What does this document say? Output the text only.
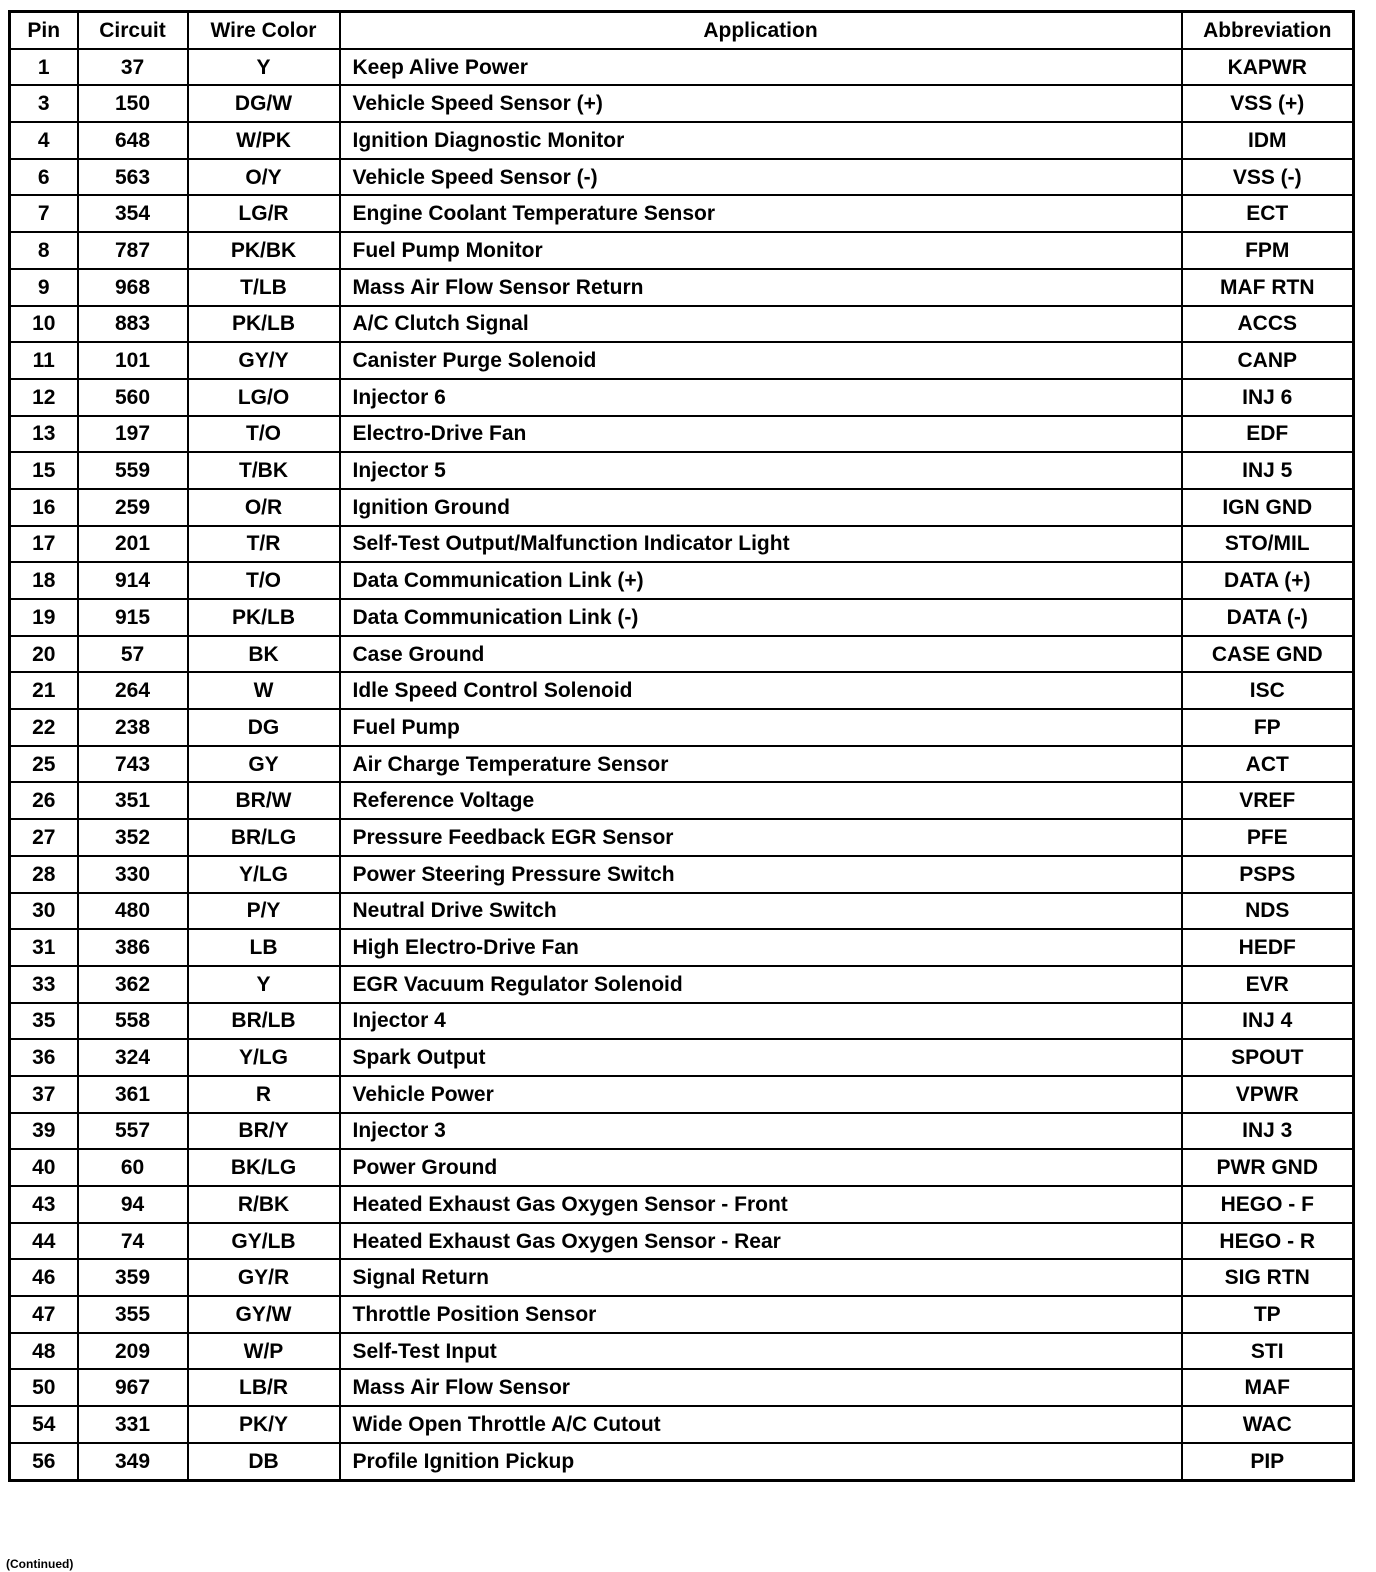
Pin	Circuit	Wire Color	Application	Abbreviation
1	37	Y	Keep Alive Power	KAPWR
3	150	DG/W	Vehicle Speed Sensor (+)	VSS (+)
4	648	W/PK	Ignition Diagnostic Monitor	IDM
6	563	O/Y	Vehicle Speed Sensor (-)	VSS (-)
7	354	LG/R	Engine Coolant Temperature Sensor	ECT
8	787	PK/BK	Fuel Pump Monitor	FPM
9	968	T/LB	Mass Air Flow Sensor Return	MAF RTN
10	883	PK/LB	A/C Clutch Signal	ACCS
11	101	GY/Y	Canister Purge Solenoid	CANP
12	560	LG/O	Injector 6	INJ 6
13	197	T/O	Electro-Drive Fan	EDF
15	559	T/BK	Injector 5	INJ 5
16	259	O/R	Ignition Ground	IGN GND
17	201	T/R	Self-Test Output/Malfunction Indicator Light	STO/MIL
18	914	T/O	Data Communication Link (+)	DATA (+)
19	915	PK/LB	Data Communication Link (-)	DATA (-)
20	57	BK	Case Ground	CASE GND
21	264	W	Idle Speed Control Solenoid	ISC
22	238	DG	Fuel Pump	FP
25	743	GY	Air Charge Temperature Sensor	ACT
26	351	BR/W	Reference Voltage	VREF
27	352	BR/LG	Pressure Feedback EGR Sensor	PFE
28	330	Y/LG	Power Steering Pressure Switch	PSPS
30	480	P/Y	Neutral Drive Switch	NDS
31	386	LB	High Electro-Drive Fan	HEDF
33	362	Y	EGR Vacuum Regulator Solenoid	EVR
35	558	BR/LB	Injector 4	INJ 4
36	324	Y/LG	Spark Output	SPOUT
37	361	R	Vehicle Power	VPWR
39	557	BR/Y	Injector 3	INJ 3
40	60	BK/LG	Power Ground	PWR GND
43	94	R/BK	Heated Exhaust Gas Oxygen Sensor - Front	HEGO - F
44	74	GY/LB	Heated Exhaust Gas Oxygen Sensor - Rear	HEGO - R
46	359	GY/R	Signal Return	SIG RTN
47	355	GY/W	Throttle Position Sensor	TP
48	209	W/P	Self-Test Input	STI
50	967	LB/R	Mass Air Flow Sensor	MAF
54	331	PK/Y	Wide Open Throttle A/C Cutout	WAC
56	349	DB	Profile Ignition Pickup	PIP
(Continued)
